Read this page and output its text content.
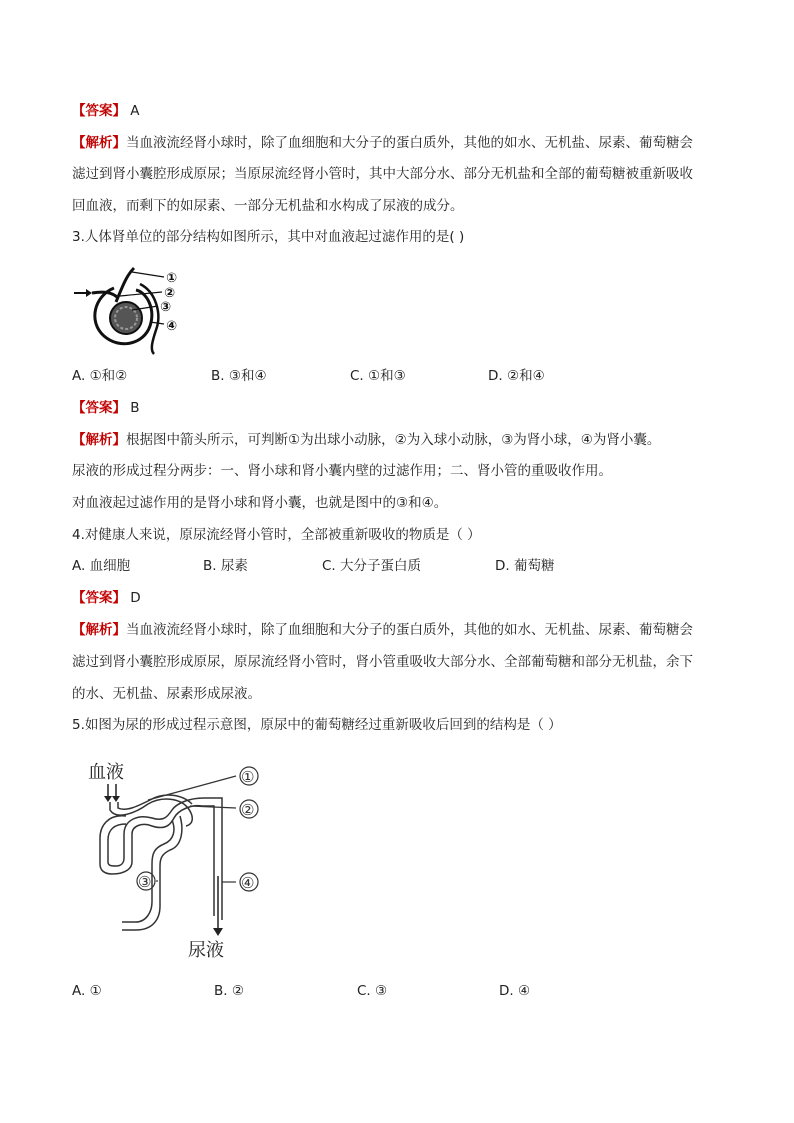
【答案】 A
【解析】当血液流经肾小球时，除了血细胞和大分子的蛋白质外，其他的如水、无机盐、尿素、葡萄糖会
滤过到肾小囊腔形成原尿；当原尿流经肾小管时，其中大部分水、部分无机盐和全部的葡萄糖被重新吸收
回血液，而剩下的如尿素、一部分无机盐和水构成了尿液的成分。
3.人体肾单位的部分结构如图所示，其中对血液起过滤作用的是( )
①
②
③
④
A. ①和②	B. ③和④	C. ①和③	D. ②和④
【答案】 B
【解析】根据图中箭头所示，可判断①为出球小动脉，②为入球小动脉，③为肾小球，④为肾小囊。
尿液的形成过程分两步：一、肾小球和肾小囊内壁的过滤作用；二、肾小管的重吸收作用。
对血液起过滤作用的是肾小球和肾小囊，也就是图中的③和④。
4.对健康人来说，原尿流经肾小管时，全部被重新吸收的物质是（ ）
A. 血细胞	B. 尿素	C. 大分子蛋白质	D. 葡萄糖
【答案】 D
【解析】当血液流经肾小球时，除了血细胞和大分子的蛋白质外，其他的如水、无机盐、尿素、葡萄糖会
滤过到肾小囊腔形成原尿，原尿流经肾小管时，肾小管重吸收大部分水、全部葡萄糖和部分无机盐，余下
的水、无机盐、尿素形成尿液。
5.如图为尿的形成过程示意图，原尿中的葡萄糖经过重新吸收后回到的结构是（ ）
血液
尿液
①
②
③	④
A. ①	B. ②	C. ③	D. ④
